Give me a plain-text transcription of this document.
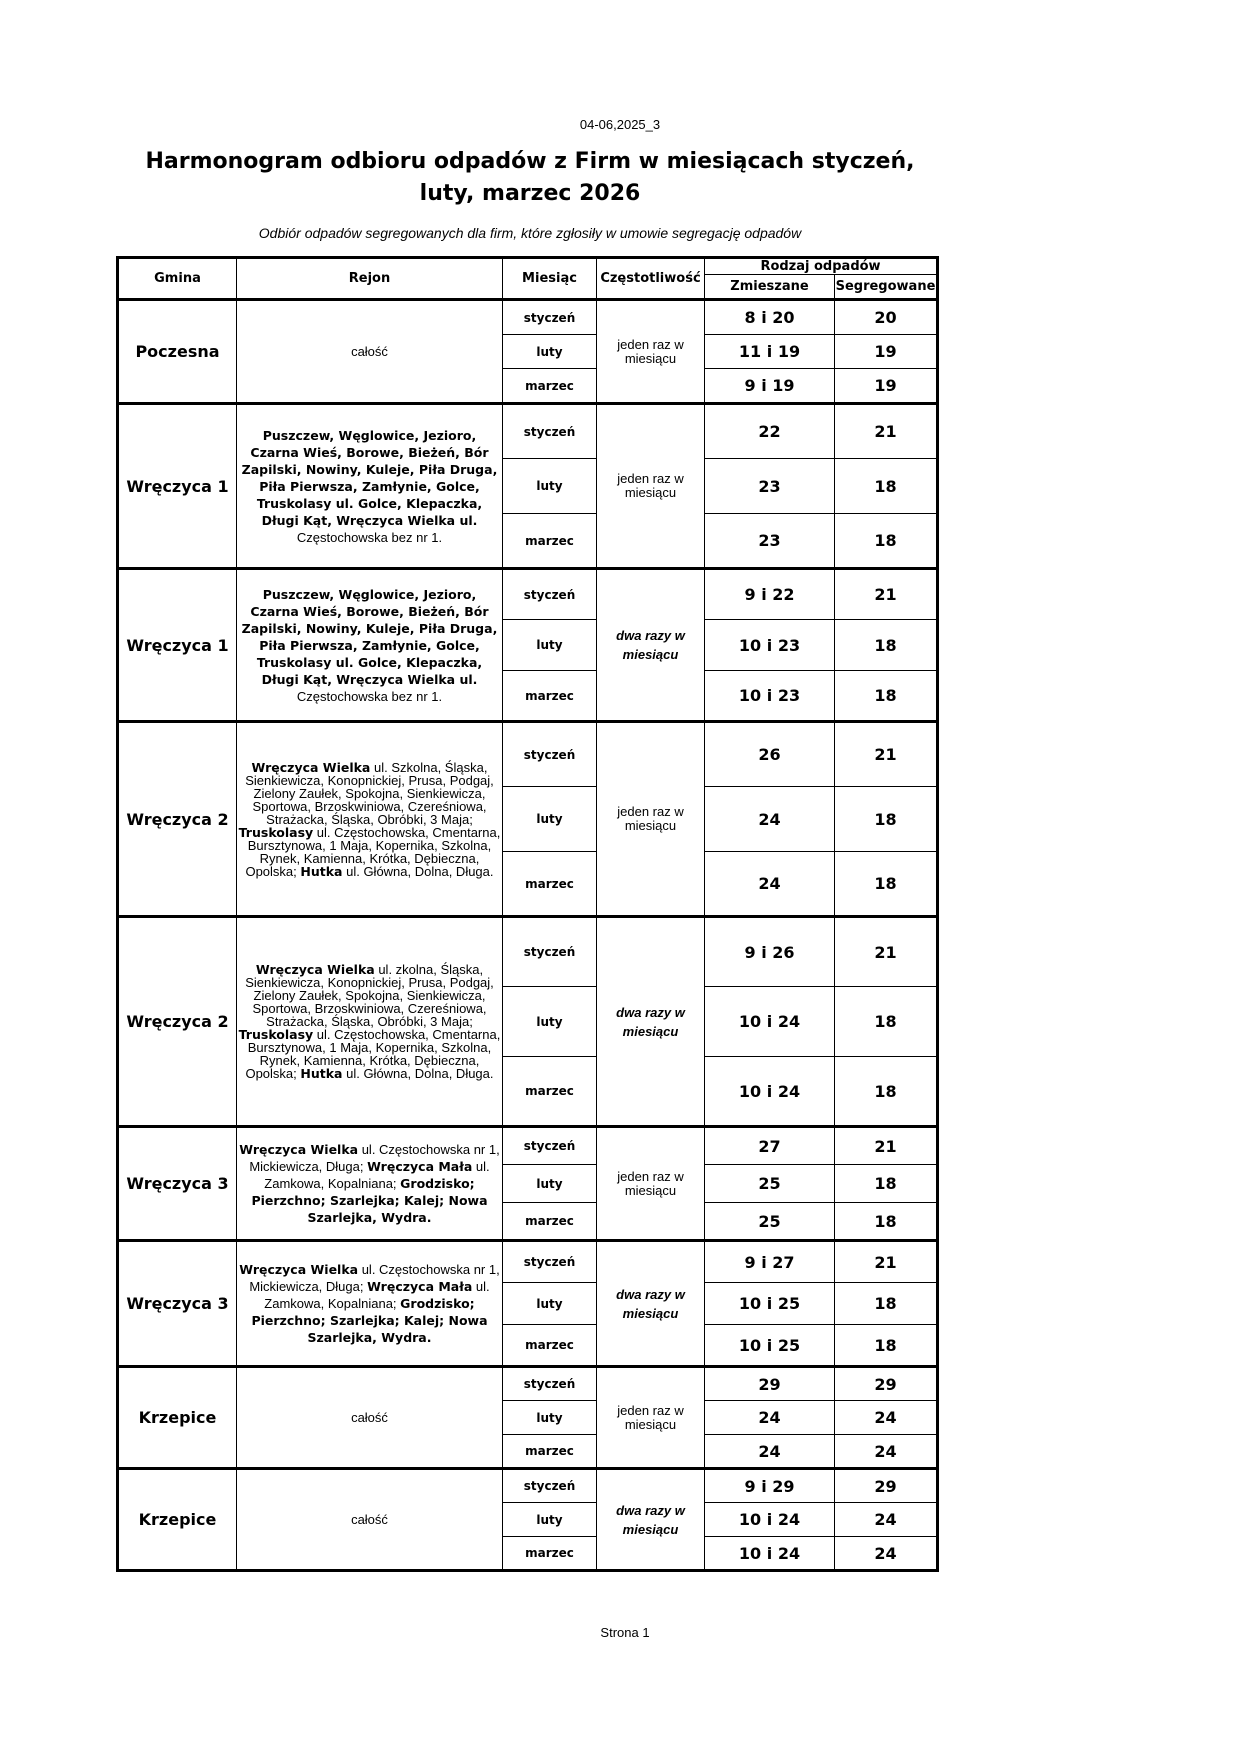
04-06,2025_3
Harmonogram odbioru odpadów z Firm w miesiącach styczeń,
luty, marzec 2026
Odbiór odpadów segregowanych dla firm, które zgłosiły w umowie segregację odpadów
Gmina	Rejon	Miesiąc	Częstotliwość	Rodzaj odpadów	
				Zmieszane	Segregowane
Poczesna	całość	styczeń	jeden raz w miesiącu	8 i 20	20
		luty		11 i 19	19
		marzec		9 i 19	19
Wręczyca 1	Puszczew, Węglowice, Jezioro, Czarna Wieś, Borowe, Bieżeń, Bór Zapilski, Nowiny, Kuleje, Piła Druga, Piła Pierwsza, Zamłynie, Golce, Truskolasy ul. Golce, Klepaczka, Długi Kąt, Wręczyca Wielka ul. Częstochowska bez nr 1.	styczeń	jeden raz w miesiącu	22	21
		luty		23	18
		marzec		23	18
Wręczyca 1	Puszczew, Węglowice, Jezioro, Czarna Wieś, Borowe, Bieżeń, Bór Zapilski, Nowiny, Kuleje, Piła Druga, Piła Pierwsza, Zamłynie, Golce, Truskolasy ul. Golce, Klepaczka, Długi Kąt, Wręczyca Wielka ul. Częstochowska bez nr 1.	styczeń	dwa razy w miesiącu	9 i 22	21
		luty		10 i 23	18
		marzec		10 i 23	18
Wręczyca 2	Wręczyca Wielka ul. Szkolna, Śląska, Sienkiewicza, Konopnickiej, Prusa, Podgaj, Zielony Zaułek, Spokojna, Sienkiewicza, Sportowa, Brzoskwiniowa, Czereśniowa, Strażacka, Śląska, Obróbki, 3 Maja; Truskolasy ul. Częstochowska, Cmentarna, Bursztynowa, 1 Maja, Kopernika, Szkolna, Rynek, Kamienna, Krótka, Dębieczna, Opolska; Hutka ul. Główna, Dolna, Długa.	styczeń	jeden raz w miesiącu	26	21
		luty		24	18
		marzec		24	18
Wręczyca 2	Wręczyca Wielka ul. zkolna, Śląska, Sienkiewicza, Konopnickiej, Prusa, Podgaj, Zielony Zaułek, Spokojna, Sienkiewicza, Sportowa, Brzoskwiniowa, Czereśniowa, Strażacka, Śląska, Obróbki, 3 Maja; Truskolasy ul. Częstochowska, Cmentarna, Bursztynowa, 1 Maja, Kopernika, Szkolna, Rynek, Kamienna, Krótka, Dębieczna, Opolska; Hutka ul. Główna, Dolna, Długa.	styczeń	dwa razy w miesiącu	9 i 26	21
		luty		10 i 24	18
		marzec		10 i 24	18
Wręczyca 3	Wręczyca Wielka ul. Częstochowska nr 1, Mickiewicza, Długa; Wręczyca Mała ul. Zamkowa, Kopalniana; Grodzisko; Pierzchno; Szarlejka; Kalej; Nowa Szarlejka, Wydra.	styczeń	jeden raz w miesiącu	27	21
		luty		25	18
		marzec		25	18
Wręczyca 3	Wręczyca Wielka ul. Częstochowska nr 1, Mickiewicza, Długa; Wręczyca Mała ul. Zamkowa, Kopalniana; Grodzisko; Pierzchno; Szarlejka; Kalej; Nowa Szarlejka, Wydra.	styczeń	dwa razy w miesiącu	9 i 27	21
		luty		10 i 25	18
		marzec		10 i 25	18
Krzepice	całość	styczeń	jeden raz w miesiącu	29	29
		luty		24	24
		marzec		24	24
Krzepice	całość	styczeń	dwa razy w miesiącu	9 i 29	29
		luty		10 i 24	24
		marzec		10 i 24	24
Strona 1
